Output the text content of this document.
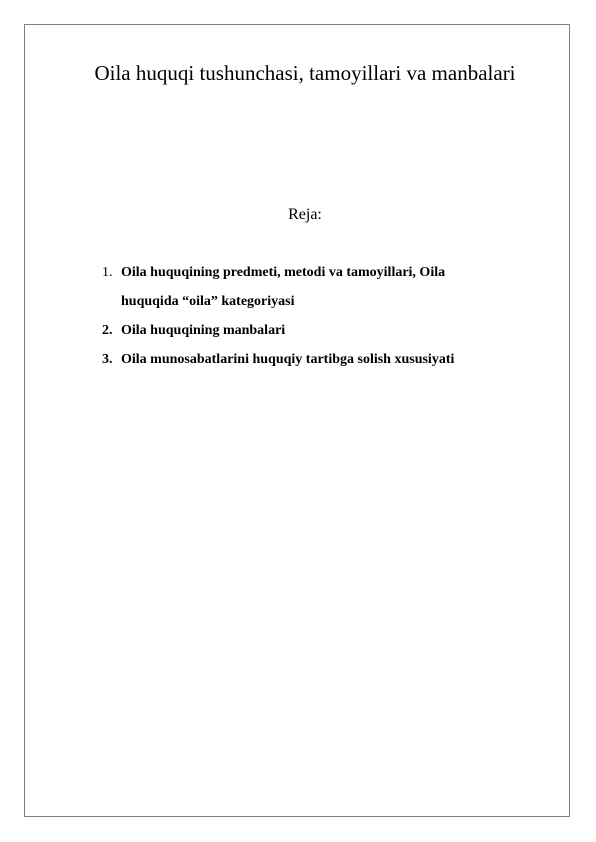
Oila huquqi tushunchasi, tamoyillari va manbalari

Reja:

1. Oila huquqining predmeti, metodi va tamoyillari, Oila
huquqida “oila” kategoriyasi
2. Oila huquqining manbalari
3. Oila munosabatlarini huquqiy tartibga solish xususiyati
